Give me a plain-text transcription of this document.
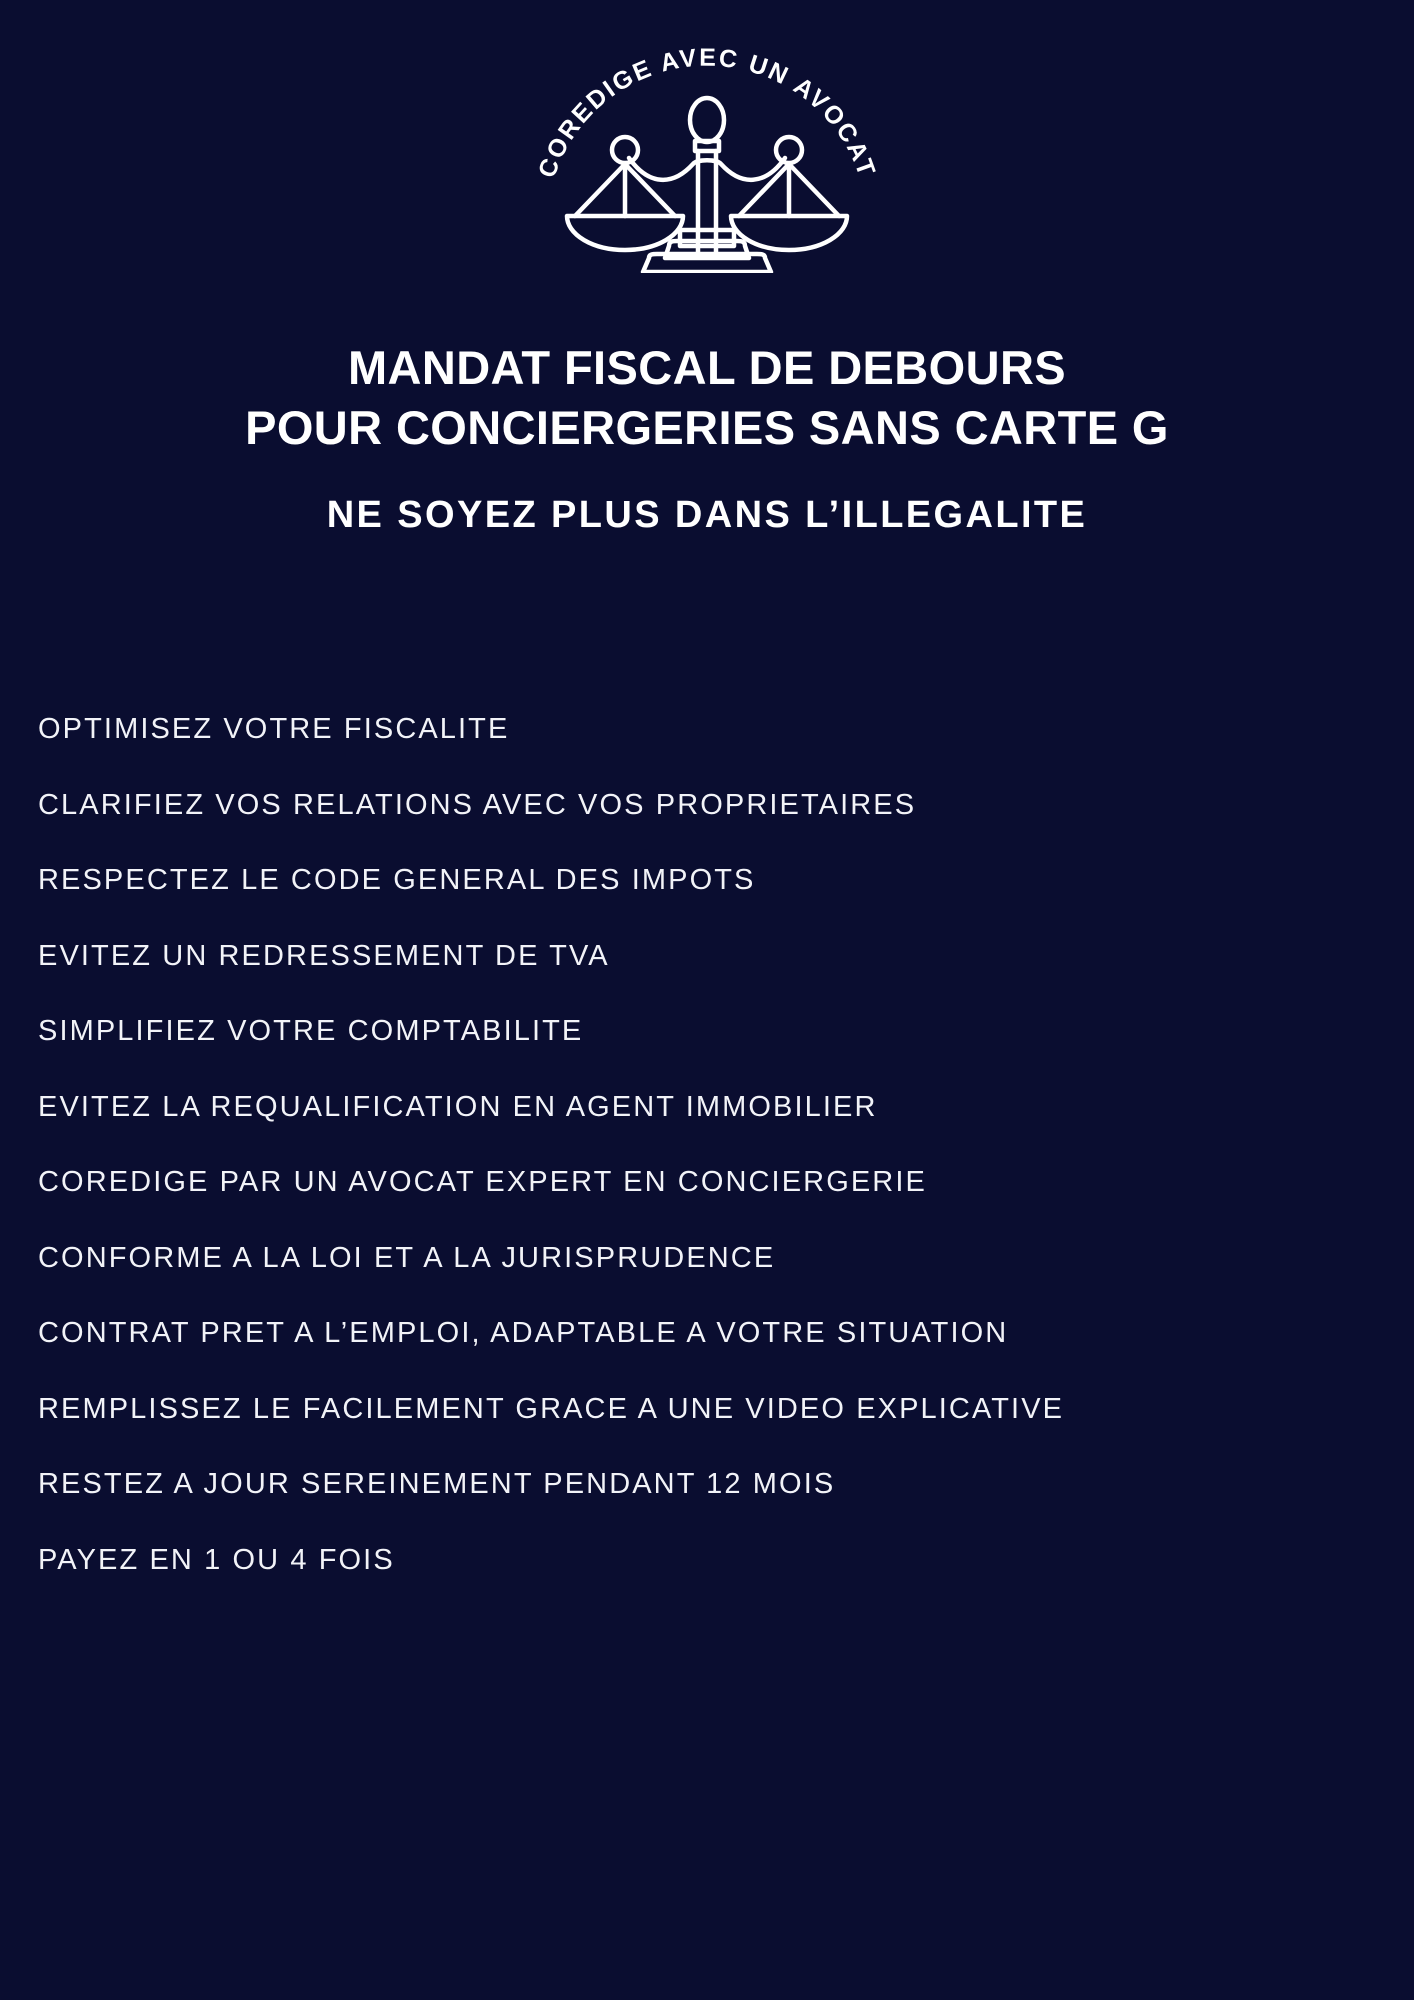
COREDIGE AVEC UN AVOCAT
MANDAT FISCAL DE DEBOURS
POUR CONCIERGERIES SANS CARTE G
NE SOYEZ PLUS DANS L’ILLEGALITE
OPTIMISEZ VOTRE FISCALITE
CLARIFIEZ VOS RELATIONS AVEC VOS PROPRIETAIRES
RESPECTEZ LE CODE GENERAL DES IMPOTS
EVITEZ UN REDRESSEMENT DE TVA
SIMPLIFIEZ VOTRE COMPTABILITE
EVITEZ LA REQUALIFICATION EN AGENT IMMOBILIER
COREDIGE PAR UN AVOCAT EXPERT EN CONCIERGERIE
CONFORME A LA LOI ET A LA JURISPRUDENCE
CONTRAT PRET A L’EMPLOI, ADAPTABLE A VOTRE SITUATION
REMPLISSEZ LE FACILEMENT GRACE A UNE VIDEO EXPLICATIVE
RESTEZ A JOUR SEREINEMENT PENDANT 12 MOIS
PAYEZ EN 1 OU 4 FOIS
